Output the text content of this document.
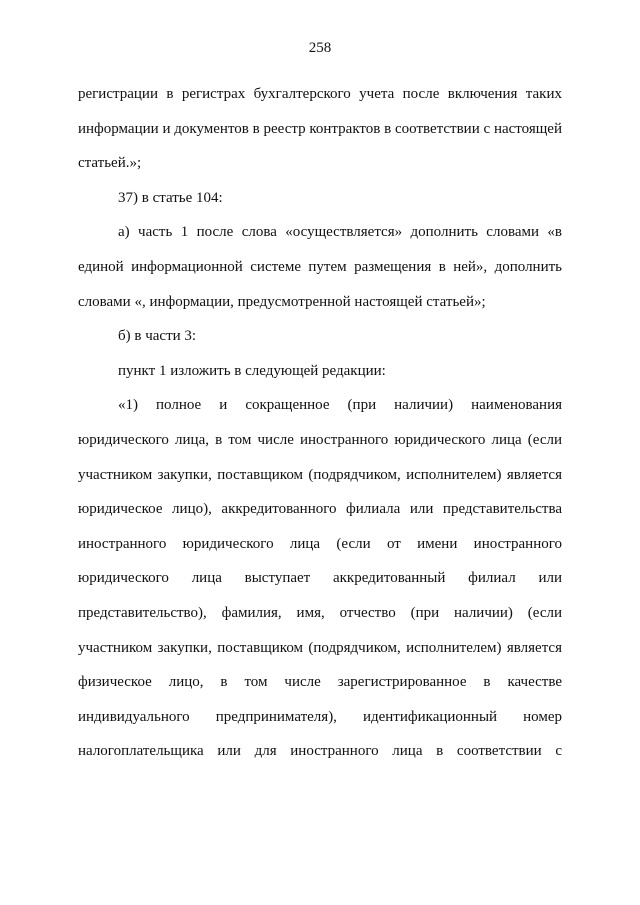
258

регистрации в регистрах бухгалтерского учета после включения таких

информации и документов в реестр контрактов в соответствии с настоящей

статьей.»;

37) в статье 104:

а) часть 1 после слова «осуществляется» дополнить словами «в

единой информационной системе путем размещения в ней», дополнить

словами «, информации, предусмотренной настоящей статьей»;

б) в части 3:

пункт 1 изложить в следующей редакции:

«1) полное и сокращенное (при наличии) наименования

юридического лица, в том числе иностранного юридического лица (если

участником закупки, поставщиком (подрядчиком, исполнителем) является

юридическое лицо), аккредитованного филиала или представительства

иностранного юридического лица (если от имени иностранного

юридического лица выступает аккредитованный филиал или

представительство), фамилия, имя, отчество (при наличии) (если

участником закупки, поставщиком (подрядчиком, исполнителем) является

физическое лицо, в том числе зарегистрированное в качестве

индивидуального предпринимателя), идентификационный номер

налогоплательщика или для иностранного лица в соответствии с
